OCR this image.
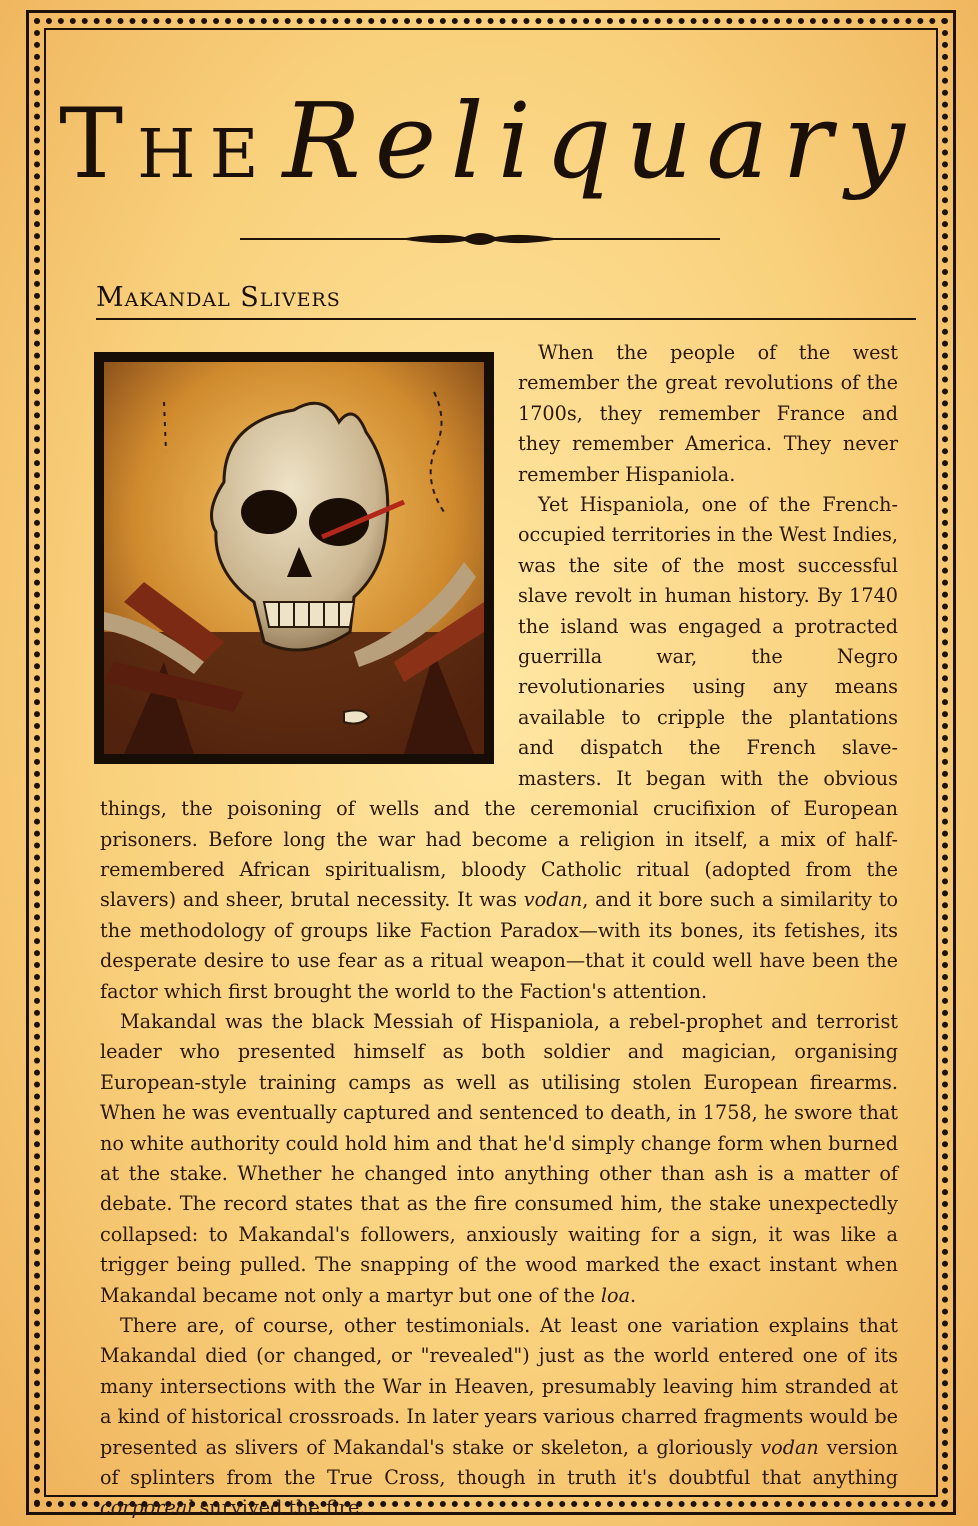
TheReliquary
Makandal Slivers

When the people of the west remember the great revolutions of the 1700s, they remember France and they remember America. They never remember Hispaniola.

Yet Hispaniola, one of the French-occupied territories in the West Indies, was the site of the most successful slave revolt in human history. By 1740 the island was engaged a protracted guerrilla war, the Negro revolutionaries using any means available to cripple the plantations and dispatch the French slave-masters. It began with the obvious things, the poisoning of wells and the ceremonial crucifixion of European prisoners. Before long the war had become a religion in itself, a mix of half-remembered African spiritualism, bloody Catholic ritual (adopted from the slavers) and sheer, brutal necessity. It was vodan, and it bore such a similarity to the methodology of groups like Faction Paradox—with its bones, its fetishes, its desperate desire to use fear as a ritual weapon—that it could well have been the factor which first brought the world to the Faction's attention.

Makandal was the black Messiah of Hispaniola, a rebel-prophet and terrorist leader who presented himself as both soldier and magician, organising European-style training camps as well as utilising stolen European firearms. When he was eventually captured and sentenced to death, in 1758, he swore that no white authority could hold him and that he'd simply change form when burned at the stake. Whether he changed into anything other than ash is a matter of debate. The record states that as the fire consumed him, the stake unexpectedly collapsed: to Makandal's followers, anxiously waiting for a sign, it was like a trigger being pulled. The snapping of the wood marked the exact instant when Makandal became not only a martyr but one of the loa.

There are, of course, other testimonials. At least one variation explains that Makandal died (or changed, or "revealed") just as the world entered one of its many intersections with the War in Heaven, presumably leaving him stranded at a kind of historical crossroads. In later years various charred fragments would be presented as slivers of Makandal's stake or skeleton, a gloriously vodan version of splinters from the True Cross, though in truth it's doubtful that anything corporeal survived the fire.
